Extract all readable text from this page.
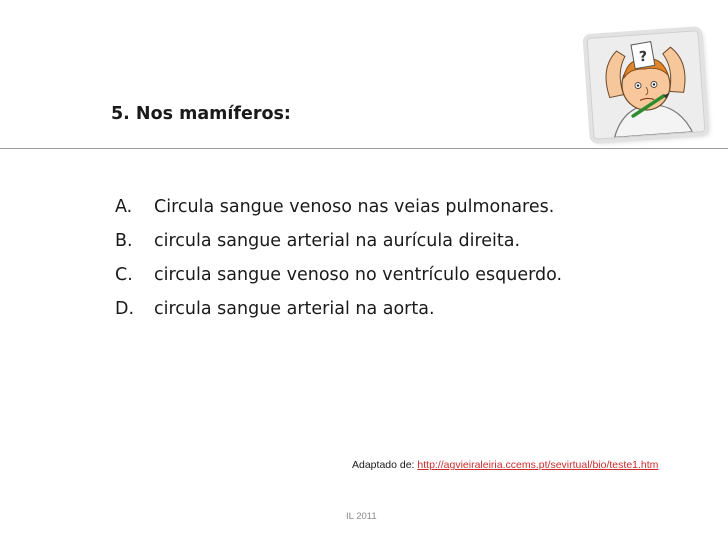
?
5. Nos mamíferos:
A.	Circula sangue venoso nas veias pulmonares.
B.	circula sangue arterial na aurícula direita.
C.	circula sangue venoso no ventrículo esquerdo.
D.	circula sangue arterial na aorta.
Adaptado de: http://agvieiraleiria.ccems.pt/sevirtual/bio/teste1.htm
IL 2011
